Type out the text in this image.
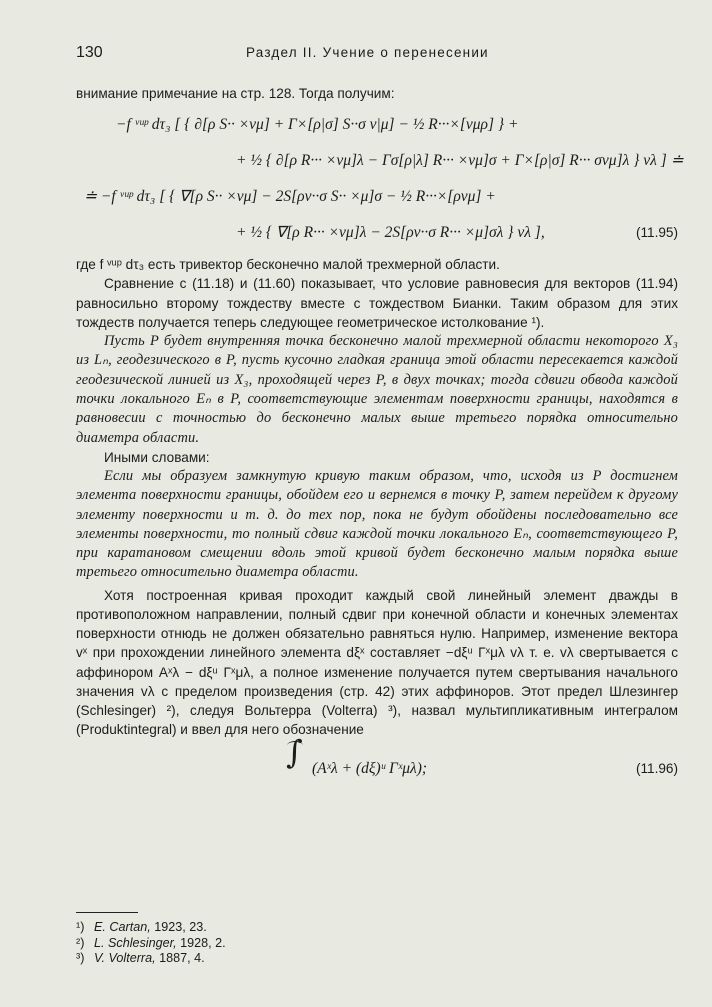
130	Раздел II. Учение о перенесении

внимание примечание на стр. 128. Тогда получим:

−f ᵛᵘᵖ dτ₃ [ { ∂[ρ S·· ×νμ] + Γ×[ρ|σ] S··σ ν|μ] − ½ R···×[νμρ] } +
+ ½ { ∂[ρ R··· ×νμ]λ − Γσ[ρ|λ] R··· ×νμ]σ + Γ×[ρ|σ] R··· σνμ]λ } vλ ] ≐
≐ −f ᵛᵘᵖ dτ₃ [ { ∇[ρ S·· ×νμ] − 2S[ρν··σ S·· ×μ]σ − ½ R···×[ρνμ] +
+ ½ { ∇[ρ R··· ×νμ]λ − 2S[ρν··σ R··· ×μ]σλ } vλ ],	(11.95)

где f ᵛᵘᵖ dτ₃ есть тривектор бесконечно малой трехмерной области.

Сравнение с (11.18) и (11.60) показывает, что условие равновесия для векторов (11.94) равносильно второму тождеству вместе с тождеством Бианки. Таким образом для этих тождеств получается теперь следующее геометрическое истолкование ¹).

Пусть P будет внутренняя точка бесконечно малой трехмерной области некоторого X₃ из Lₙ, геодезического в P, пусть кусочно гладкая граница этой области пересекается каждой геодезической линией из X₃, проходящей через P, в двух точках; тогда сдвиги обвода каждой точки локального Eₙ в P, соответствующие элементам поверхности границы, находятся в равновесии с точностью до бесконечно малых выше третьего порядка относительно диаметра области.

Иными словами:

Если мы образуем замкнутую кривую таким образом, что, исходя из P достигнем элемента поверхности границы, обойдем его и вернемся в точку P, затем перейдем к другому элементу поверхности и т. д. до тех пор, пока не будут обойдены последовательно все элементы поверхности, то полный сдвиг каждой точки локального Eₙ, соответствующего P, при каратановом смещении вдоль этой кривой будет бесконечно малым порядка выше третьего относительно диаметра области.

Хотя построенная кривая проходит каждый свой линейный элемент дважды в противоположном направлении, полный сдвиг при конечной области и конечных элементах поверхности отнюдь не должен обязательно равняться нулю. Например, изменение вектора vˣ при прохождении линейного элемента dξˣ составляет −dξᵘ Γˣμλ vλ т. е. vλ свертывается с аффинором Aˣλ − dξᵘ Γˣμλ, а полное изменение получается путем свертывания начального значения vλ с пределом произведения (стр. 42) этих аффиноров. Этот предел Шлезингер (Schlesinger) ²), следуя Вольтерра (Volterra) ³), назвал мультипликативным интегралом (Produktintegral) и ввел для него обозначение

∫ (Aˣλ + (dξ)ᵘ Γˣμλ);	(11.96)
¹) E. Cartan, 1923, 23.
²) L. Schlesinger, 1928, 2.
³) V. Volterra, 1887, 4.
